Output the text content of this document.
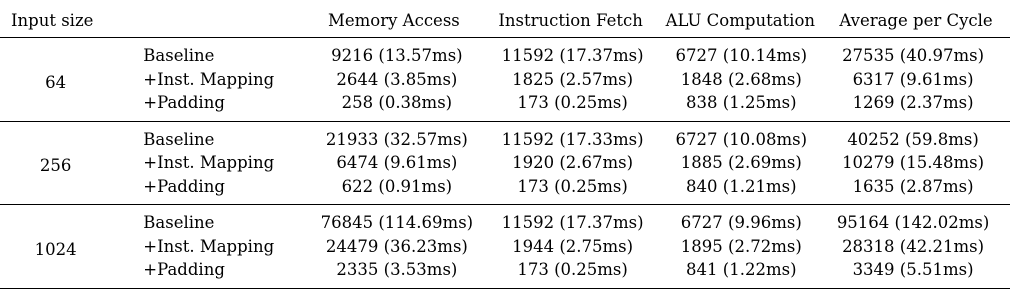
Input size		Memory Access	Instruction Fetch	ALU Computation	Average per Cycle
64	Baseline	9216 (13.57ms)	11592 (17.37ms)	6727 (10.14ms)	27535 (40.97ms)
	+Inst. Mapping	2644 (3.85ms)	1825 (2.57ms)	1848 (2.68ms)	6317 (9.61ms)
	+Padding	258 (0.38ms)	173 (0.25ms)	838 (1.25ms)	1269 (2.37ms)
256	Baseline	21933 (32.57ms)	11592 (17.33ms)	6727 (10.08ms)	40252 (59.8ms)
	+Inst. Mapping	6474 (9.61ms)	1920 (2.67ms)	1885 (2.69ms)	10279 (15.48ms)
	+Padding	622 (0.91ms)	173 (0.25ms)	840 (1.21ms)	1635 (2.87ms)
1024	Baseline	76845 (114.69ms)	11592 (17.37ms)	6727 (9.96ms)	95164 (142.02ms)
	+Inst. Mapping	24479 (36.23ms)	1944 (2.75ms)	1895 (2.72ms)	28318 (42.21ms)
	+Padding	2335 (3.53ms)	173 (0.25ms)	841 (1.22ms)	3349 (5.51ms)
